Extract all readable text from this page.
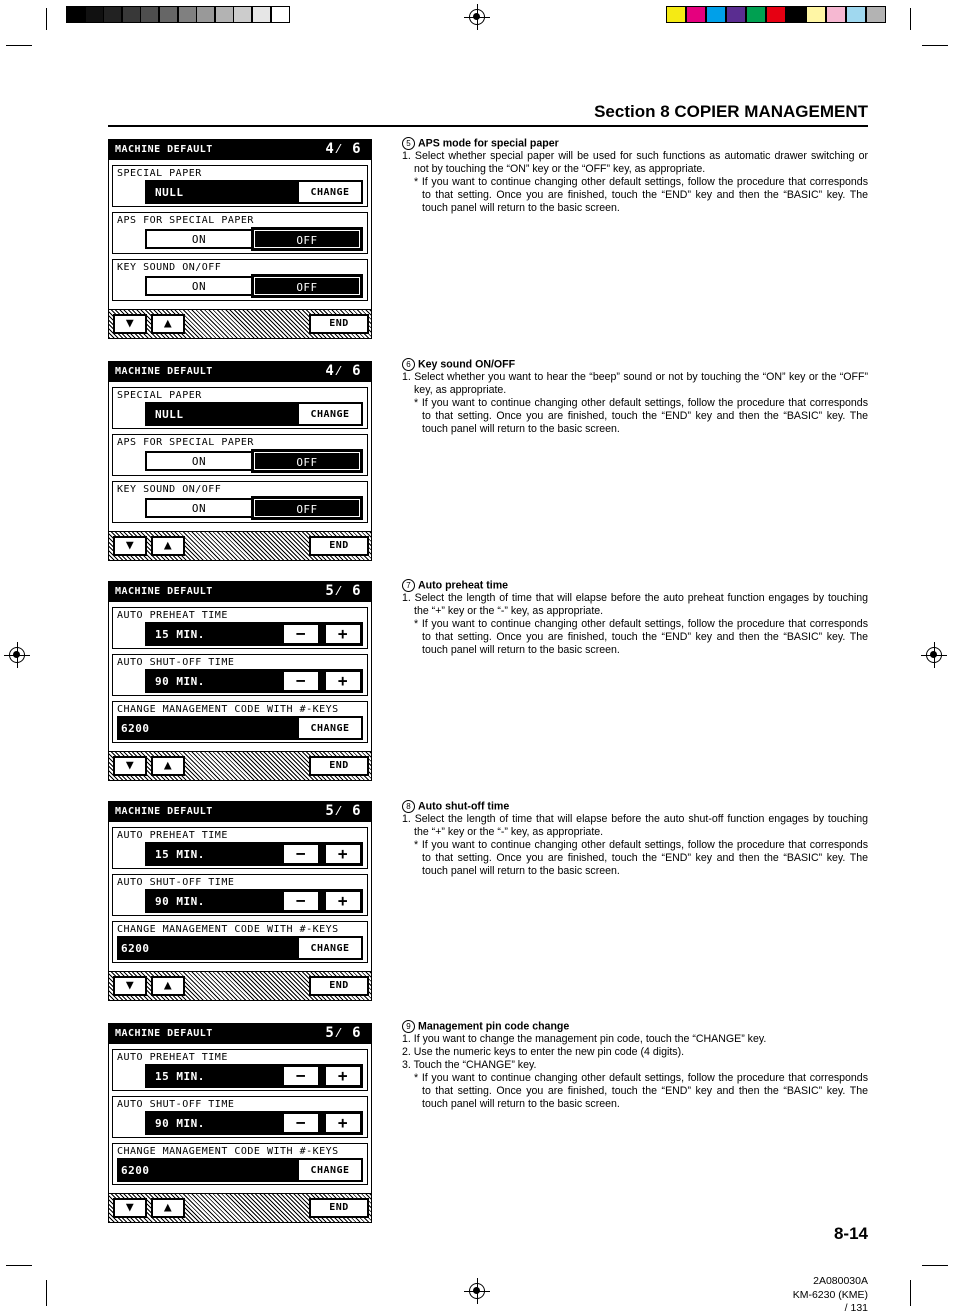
Section 8 COPIER MANAGEMENT
MACHINE DEFAULT	4⁄ 6
SPECIAL PAPER
NULL	CHANGE
APS FOR SPECIAL PAPER
ON	OFF
KEY SOUND ON/OFF
ON	OFF
▼	▲	END
MACHINE DEFAULT	4⁄ 6
SPECIAL PAPER
NULL	CHANGE
APS FOR SPECIAL PAPER
ON	OFF
KEY SOUND ON/OFF
ON	OFF
▼	▲	END
MACHINE DEFAULT	5⁄ 6
AUTO PREHEAT TIME
15 MIN.	−	+
AUTO SHUT-OFF TIME
90 MIN.	−	+
CHANGE MANAGEMENT CODE WITH #-KEYS
6200	CHANGE
▼	▲	END
MACHINE DEFAULT	5⁄ 6
AUTO PREHEAT TIME
15 MIN.	−	+
AUTO SHUT-OFF TIME
90 MIN.	−	+
CHANGE MANAGEMENT CODE WITH #-KEYS
6200	CHANGE
▼	▲	END
MACHINE DEFAULT	5⁄ 6
AUTO PREHEAT TIME
15 MIN.	−	+
AUTO SHUT-OFF TIME
90 MIN.	−	+
CHANGE MANAGEMENT CODE WITH #-KEYS
6200	CHANGE
▼	▲	END
5 APS mode for special paper
1. Select whether special paper will be used for such functions as automatic drawer switching or not by touching the “ON” key or the “OFF” key, as appropriate.
* If you want to continue changing other default settings, follow the procedure that corresponds to that setting. Once you are finished, touch the “END” key and then the “BASIC” key. The touch panel will return to the basic screen.
6 Key sound ON/OFF
1. Select whether you want to hear the “beep” sound or not by touching the “ON” key or the “OFF” key, as appropriate.
* If you want to continue changing other default settings, follow the procedure that corresponds to that setting. Once you are finished, touch the “END” key and then the “BASIC” key. The touch panel will return to the basic screen.
7 Auto preheat time
1. Select the length of time that will elapse before the auto preheat function engages by touching the “+” key or the “-” key, as appropriate.
* If you want to continue changing other default settings, follow the procedure that corresponds to that setting. Once you are finished, touch the “END” key and then the “BASIC” key. The touch panel will return to the basic screen.
8 Auto shut-off time
1. Select the length of time that will elapse before the auto shut-off function engages by touching the “+” key or the “-” key, as appropriate.
* If you want to continue changing other default settings, follow the procedure that corresponds to that setting. Once you are finished, touch the “END” key and then the “BASIC” key. The touch panel will return to the basic screen.
9 Management pin code change
1. If you want to change the management pin code, touch the “CHANGE” key.
2. Use the numeric keys to enter the new pin code (4 digits).
3. Touch the “CHANGE” key.
* If you want to continue changing other default settings, follow the procedure that corresponds to that setting. Once you are finished, touch the “END” key and then the “BASIC” key. The touch panel will return to the basic screen.
8-14
2A080030A
KM-6230 (KME)
/ 131
